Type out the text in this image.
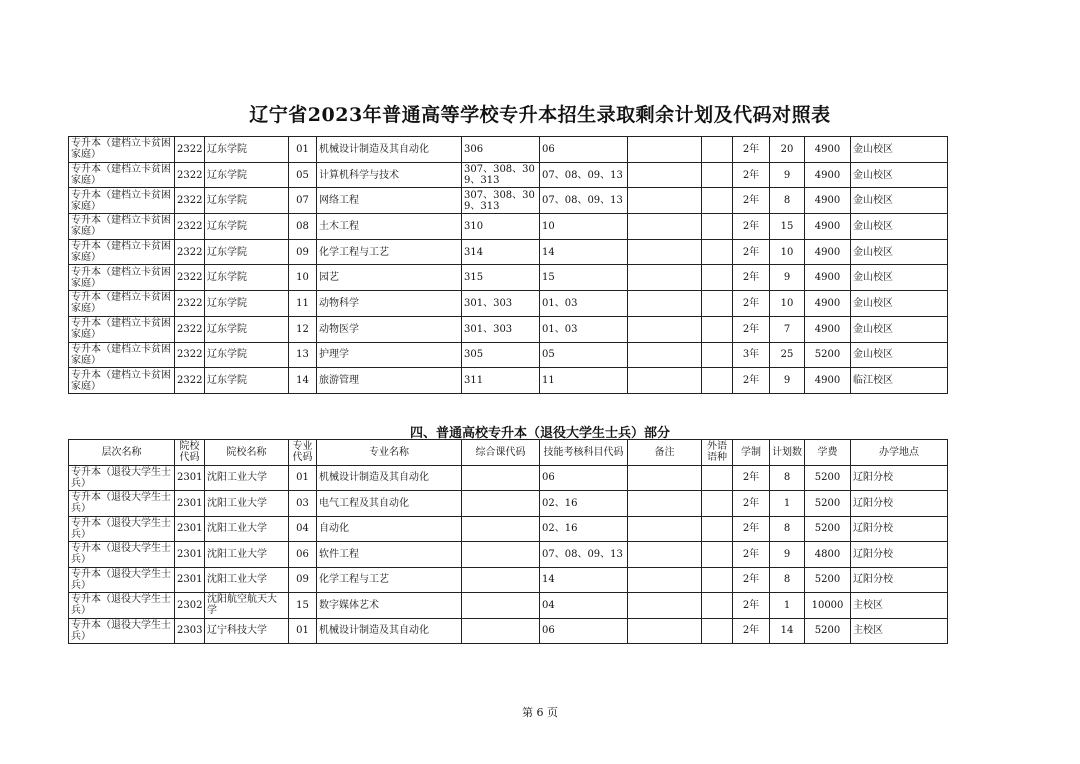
辽宁省2023年普通高等学校专升本招生录取剩余计划及代码对照表
专升本（建档立卡贫困家庭）	2322	辽东学院	01	机械设计制造及其自动化	306	06			2年	20	4900	金山校区
专升本（建档立卡贫困家庭）	2322	辽东学院	05	计算机科学与技术	307、308、309、313	07、08、09、13			2年	9	4900	金山校区
专升本（建档立卡贫困家庭）	2322	辽东学院	07	网络工程	307、308、309、313	07、08、09、13			2年	8	4900	金山校区
专升本（建档立卡贫困家庭）	2322	辽东学院	08	土木工程	310	10			2年	15	4900	金山校区
专升本（建档立卡贫困家庭）	2322	辽东学院	09	化学工程与工艺	314	14			2年	10	4900	金山校区
专升本（建档立卡贫困家庭）	2322	辽东学院	10	园艺	315	15			2年	9	4900	金山校区
专升本（建档立卡贫困家庭）	2322	辽东学院	11	动物科学	301、303	01、03			2年	10	4900	金山校区
专升本（建档立卡贫困家庭）	2322	辽东学院	12	动物医学	301、303	01、03			2年	7	4900	金山校区
专升本（建档立卡贫困家庭）	2322	辽东学院	13	护理学	305	05			3年	25	5200	金山校区
专升本（建档立卡贫困家庭）	2322	辽东学院	14	旅游管理	311	11			2年	9	4900	临江校区
四、普通高校专升本（退役大学生士兵）部分
层次名称	院校代码	院校名称	专业代码	专业名称	综合课代码	技能考核科目代码	备注	外语语种	学制	计划数	学费	办学地点
专升本（退役大学生士兵）	2301	沈阳工业大学	01	机械设计制造及其自动化		06			2年	8	5200	辽阳分校
专升本（退役大学生士兵）	2301	沈阳工业大学	03	电气工程及其自动化		02、16			2年	1	5200	辽阳分校
专升本（退役大学生士兵）	2301	沈阳工业大学	04	自动化		02、16			2年	8	5200	辽阳分校
专升本（退役大学生士兵）	2301	沈阳工业大学	06	软件工程		07、08、09、13			2年	9	4800	辽阳分校
专升本（退役大学生士兵）	2301	沈阳工业大学	09	化学工程与工艺		14			2年	8	5200	辽阳分校
专升本（退役大学生士兵）	2302	沈阳航空航天大学	15	数字媒体艺术		04			2年	1	10000	主校区
专升本（退役大学生士兵）	2303	辽宁科技大学	01	机械设计制造及其自动化		06			2年	14	5200	主校区
第 6 页
